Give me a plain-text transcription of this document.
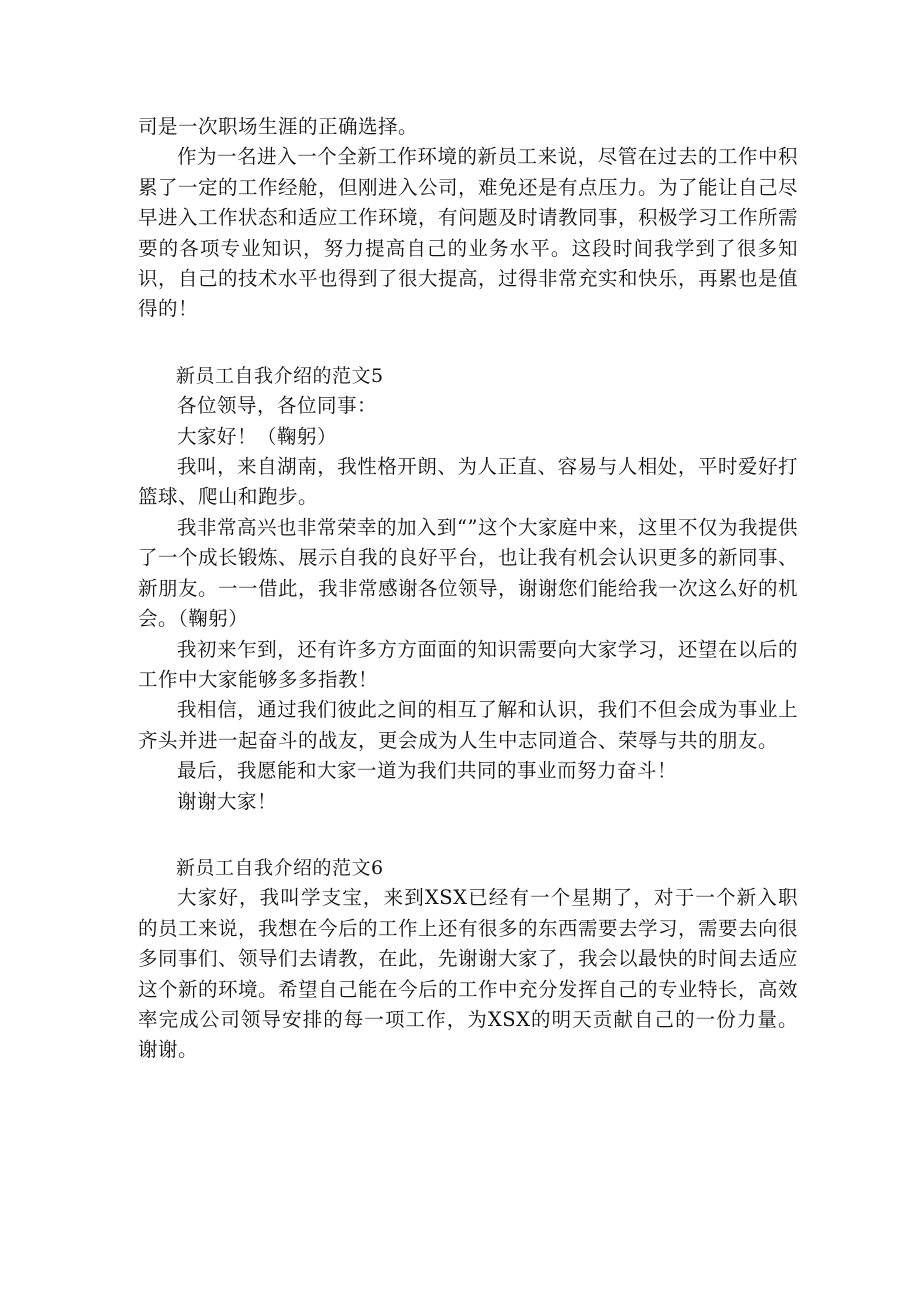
司是一次职场生涯的正确选择。

作为一名进入一个全新工作环境的新员工来说，尽管在过去的工作中积累了一定的工作经舱，但刚进入公司，难免还是有点压力。为了能让自己尽早进入工作状态和适应工作环境，有问题及时请教同事，积极学习工作所需要的各项专业知识，努力提高自己的业务水平。这段时间我学到了很多知识，自己的技术水平也得到了很大提高，过得非常充实和快乐，再累也是值得的！

新员工自我介绍的范文5

各位领导，各位同事：

大家好！（鞠躬）

我叫，来自湖南，我性格开朗、为人正直、容易与人相处，平时爱好打篮球、爬山和跑步。

我非常高兴也非常荣幸的加入到“”这个大家庭中来，这里不仅为我提供了一个成长锻炼、展示自我的良好平台，也让我有机会认识更多的新同事、新朋友。一一借此，我非常感谢各位领导，谢谢您们能给我一次这么好的机会。（鞠躬）

我初来乍到，还有许多方方面面的知识需要向大家学习，还望在以后的工作中大家能够多多指教！

我相信，通过我们彼此之间的相互了解和认识，我们不但会成为事业上齐头并进一起奋斗的战友，更会成为人生中志同道合、荣辱与共的朋友。

最后，我愿能和大家一道为我们共同的事业而努力奋斗！

谢谢大家！

新员工自我介绍的范文6

大家好，我叫学支宝，来到XSX已经有一个星期了，对于一个新入职的员工来说，我想在今后的工作上还有很多的东西需要去学习，需要去向很多同事们、领导们去请教，在此，先谢谢大家了，我会以最快的时间去适应这个新的环境。希望自己能在今后的工作中充分发挥自己的专业特长，高效率完成公司领导安排的每一项工作，为XSX的明天贡献自己的一份力量。谢谢。
